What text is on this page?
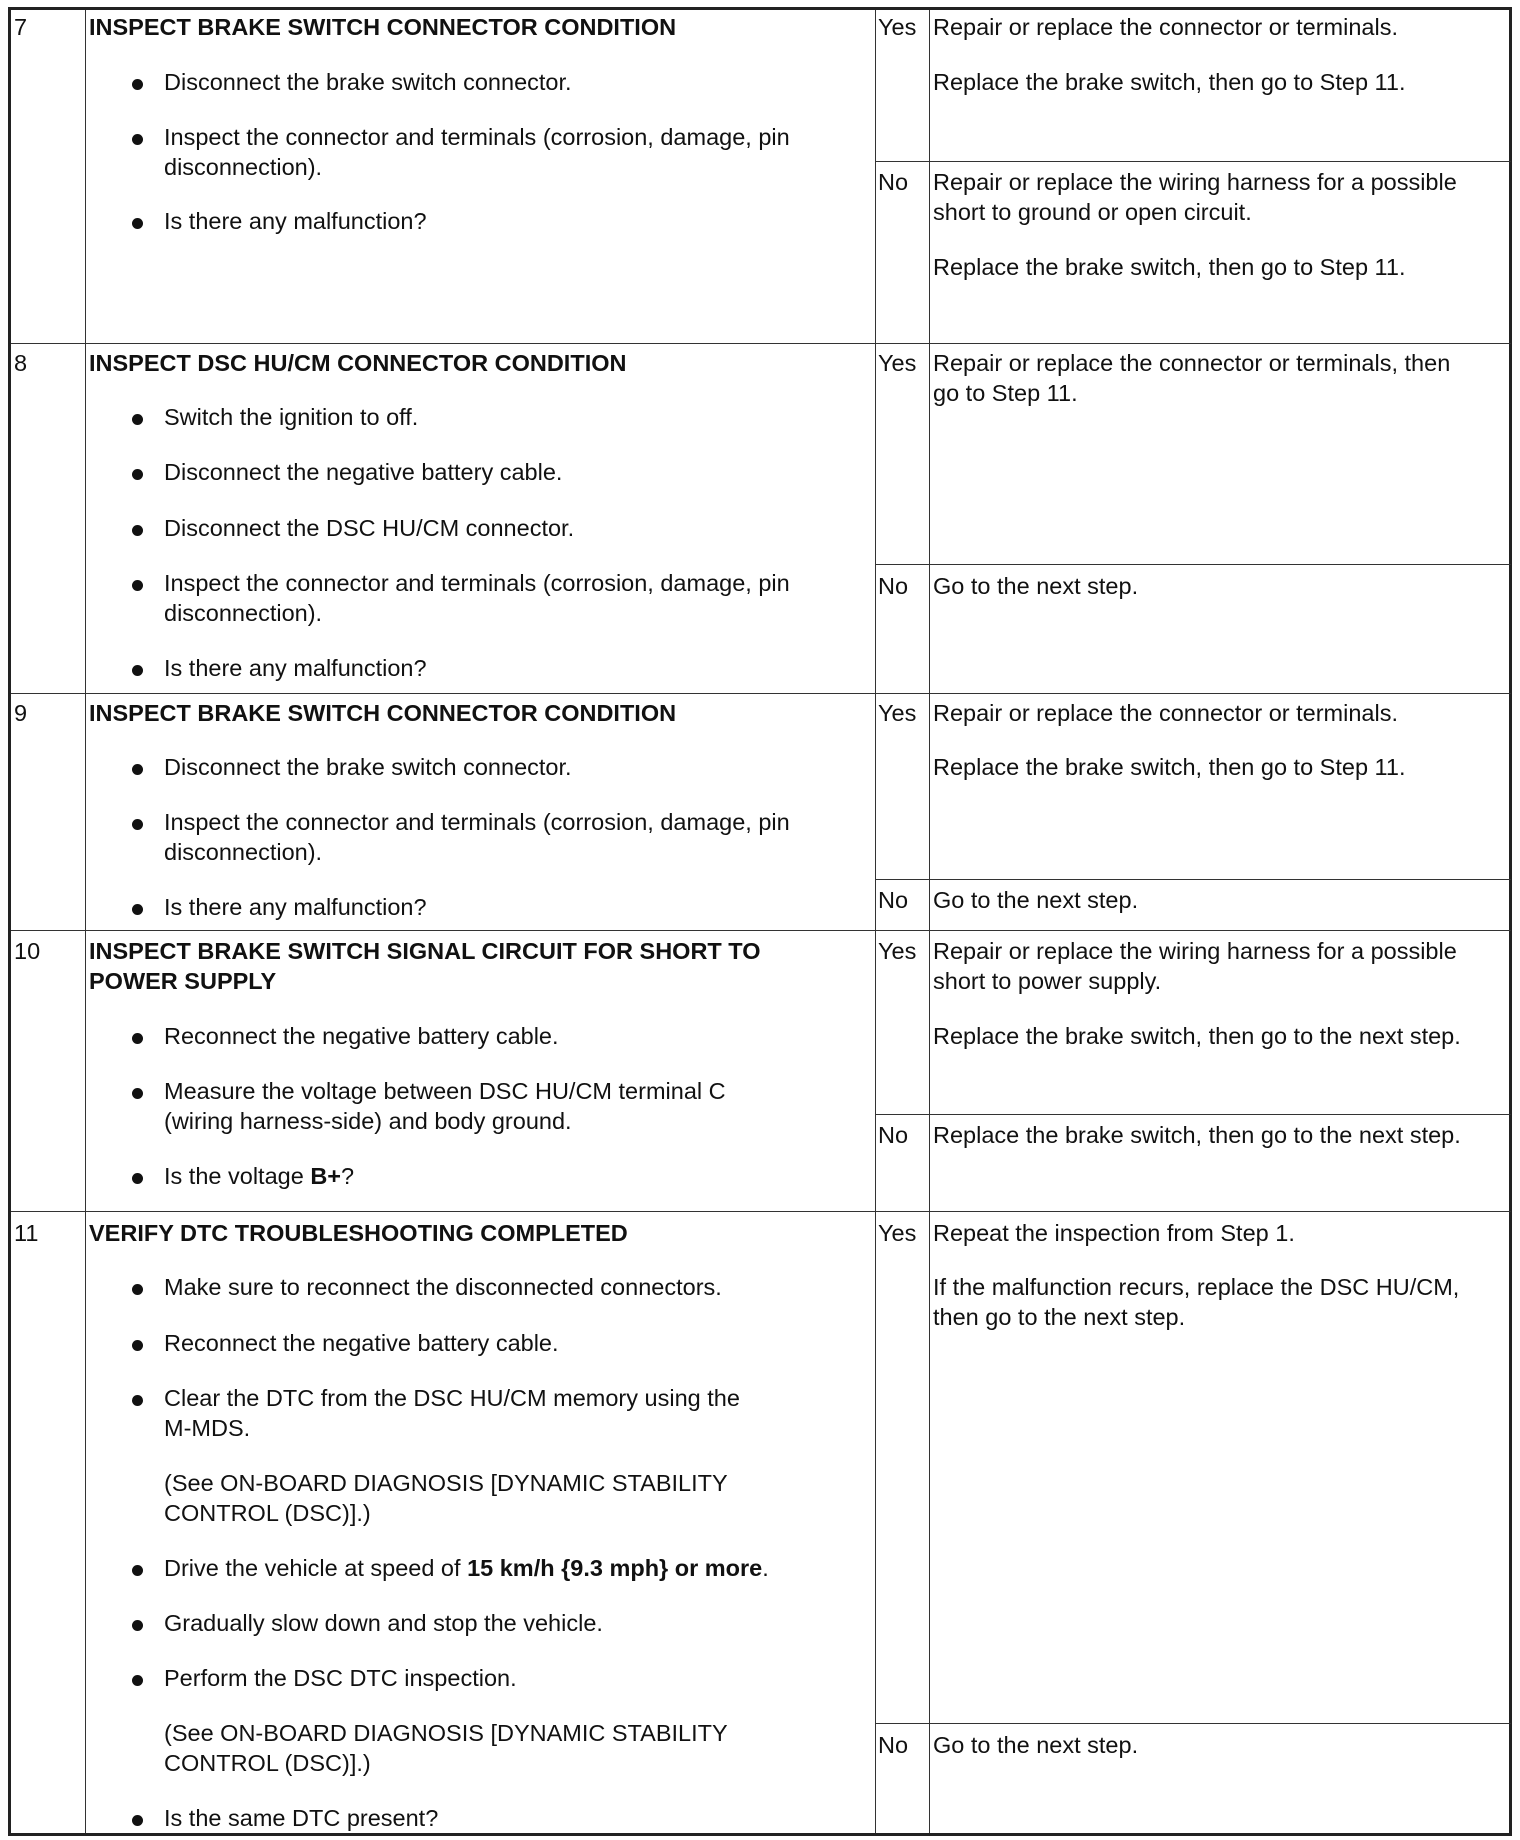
7	INSPECT BRAKE SWITCH CONNECTOR CONDITION
Disconnect the brake switch connector.
Inspect the connector and terminals (corrosion, damage, pin
disconnection).
Is there any malfunction?
Yes Repair or replace the connector or terminals.
Replace the brake switch, then go to Step 11.
No Repair or replace the wiring harness for a possible
short to ground or open circuit.
Replace the brake switch, then go to Step 11.
8	INSPECT DSC HU/CM CONNECTOR CONDITION
Switch the ignition to off.
Disconnect the negative battery cable.
Disconnect the DSC HU/CM connector.
Inspect the connector and terminals (corrosion, damage, pin
disconnection).
Is there any malfunction?
Yes Repair or replace the connector or terminals, then
go to Step 11.
No Go to the next step.
9	INSPECT BRAKE SWITCH CONNECTOR CONDITION
Disconnect the brake switch connector.
Inspect the connector and terminals (corrosion, damage, pin
disconnection).
Is there any malfunction?
Yes Repair or replace the connector or terminals.
Replace the brake switch, then go to Step 11.
No Go to the next step.
10 INSPECT BRAKE SWITCH SIGNAL CIRCUIT FOR SHORT TO
POWER SUPPLY
Reconnect the negative battery cable.
Measure the voltage between DSC HU/CM terminal C
(wiring harness-side) and body ground.
Is the voltage B+?
Yes Repair or replace the wiring harness for a possible
short to power supply.
Replace the brake switch, then go to the next step.
No Replace the brake switch, then go to the next step.
11 VERIFY DTC TROUBLESHOOTING COMPLETED
Make sure to reconnect the disconnected connectors.
Reconnect the negative battery cable.
Clear the DTC from the DSC HU/CM memory using the
M-MDS.
(See ON-BOARD DIAGNOSIS [DYNAMIC STABILITY
CONTROL (DSC)].)
Drive the vehicle at speed of 15 km/h {9.3 mph} or more.
Gradually slow down and stop the vehicle.
Perform the DSC DTC inspection.
(See ON-BOARD DIAGNOSIS [DYNAMIC STABILITY
CONTROL (DSC)].)
Is the same DTC present?
Yes Repeat the inspection from Step 1.
If the malfunction recurs, replace the DSC HU/CM,
then go to the next step.
No Go to the next step.
